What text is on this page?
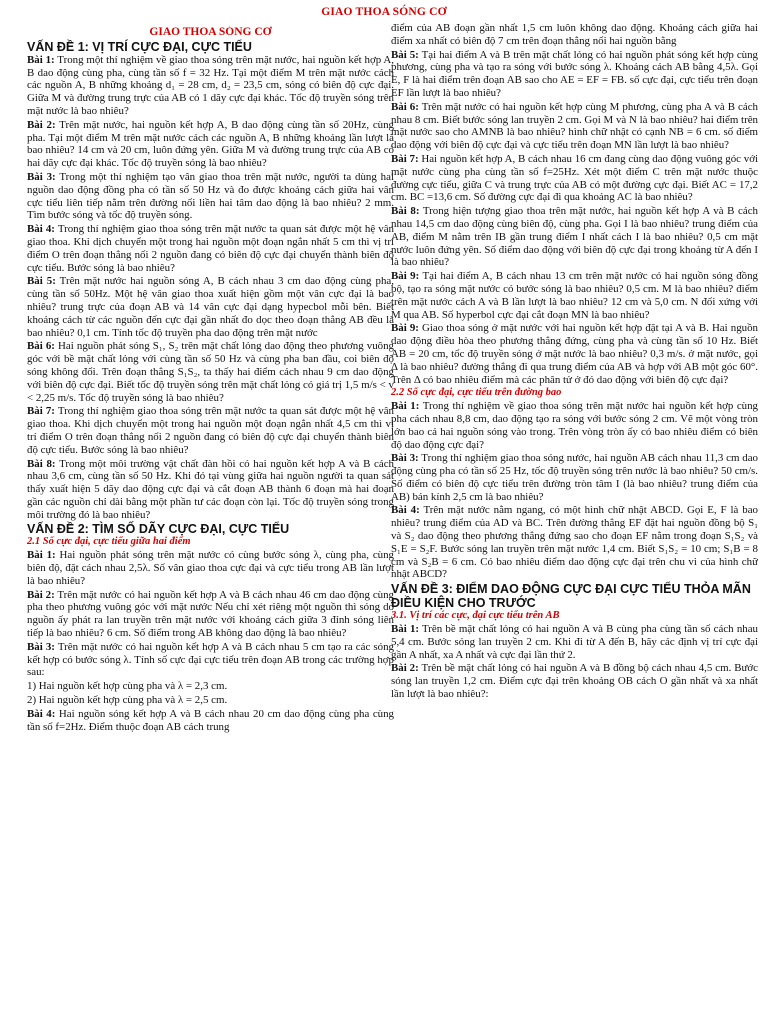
GIAO THOA SÓNG CƠ

GIAO THOA SÓNG CƠ

VẤN ĐỀ 1: VỊ TRÍ CỰC ĐẠI, CỰC TIỂU

Bài 1: Trong một thí nghiệm về giao thoa sóng trên mặt nước, hai nguồn kết hợp A, B dao động cùng pha, cùng tần số f = 32 Hz. Tại một điểm M trên mặt nước cách các nguồn A, B những khoảng d₁ = 28 cm, d₂ = 23,5 cm, sóng có biên độ cực đại. Giữa M và đường trung trực của AB có 1 dãy cực đại khác. Tốc độ truyền sóng trên mặt nước là bao nhiêu?

Bài 2: Trên mặt nước, hai nguồn kết hợp A, B dao động cùng tần số 20Hz, cùng pha. Tại một điểm M trên mặt nước cách các nguồn A, B những khoảng lần lượt là bao nhiêu? 14 cm và 20 cm, luôn đứng yên. Giữa M và đường trung trực của AB có hai dãy cực đại khác. Tốc độ truyền sóng là bao nhiêu?

Bài 3: Trong một thí nghiệm tạo vân giao thoa trên mặt nước, người ta dùng hai nguồn dao động đồng pha có tần số 50 Hz và đo được khoảng cách giữa hai vân cực tiểu liên tiếp nằm trên đường nối liền hai tâm dao động là bao nhiêu? 2 mm. Tìm bước sóng và tốc độ truyền sóng.

Bài 4: Trong thí nghiệm giao thoa sóng trên mặt nước ta quan sát được một hệ vân giao thoa. Khi dịch chuyển một trong hai nguồn một đoạn ngắn nhất 5 cm thì vị trí điểm O trên đoạn thẳng nối 2 nguồn đang có biên độ cực đại chuyển thành biên độ cực tiểu. Bước sóng là bao nhiêu?

Bài 5: Trên mặt nước hai nguồn sóng A, B cách nhau 3 cm dao động cùng pha, cùng tần số 50Hz. Một hệ vân giao thoa xuất hiện gồm một vân cực đại là bao nhiêu? trung trực của đoạn AB và 14 vân cực đại dạng hypecbol mỗi bên. Biết khoảng cách từ các nguồn đến cực đại gần nhất đo dọc theo đoạn thẳng AB đều là bao nhiêu? 0,1 cm. Tính tốc độ truyền pha dao động trên mặt nước

Bài 6: Hai nguồn phát sóng S₁, S₂ trên mặt chất lỏng dao động theo phương vuông góc với bề mặt chất lỏng với cùng tần số 50 Hz và cùng pha ban đầu, coi biên độ sóng không đổi. Trên đoạn thẳng S₁S₂, ta thấy hai điểm cách nhau 9 cm dao động với biên độ cực đại. Biết tốc độ truyền sóng trên mặt chất lỏng có giá trị 1,5 m/s < v < 2,25 m/s. Tốc độ truyền sóng là bao nhiêu?

Bài 7: Trong thí nghiệm giao thoa sóng trên mặt nước ta quan sát được một hệ vân giao thoa. Khi dịch chuyển một trong hai nguồn một đoạn ngắn nhất 4,5 cm thì vị trí điểm O trên đoạn thẳng nối 2 nguồn đang có biên độ cực đại chuyển thành biên độ cực tiểu. Bước sóng là bao nhiêu?

Bài 8: Trong một môi trường vật chất đàn hồi có hai nguồn kết hợp A và B cách nhau 3,6 cm, cùng tần số 50 Hz. Khi đó tại vùng giữa hai nguồn người ta quan sát thấy xuất hiện 5 dãy dao động cực đại và cắt đoạn AB thành 6 đoạn mà hai đoạn gần các nguồn chỉ dài bằng một phần tư các đoạn còn lại. Tốc độ truyền sóng trong môi trường đó là bao nhiêu?

VẤN ĐỀ 2: TÌM SỐ DÃY CỰC ĐẠI, CỰC TIỂU

2.1 Số cực đại, cực tiểu giữa hai điểm

Bài 1: Hai nguồn phát sóng trên mặt nước có cùng bước sóng λ, cùng pha, cùng biên độ, đặt cách nhau 2,5λ. Số vân giao thoa cực đại và cực tiểu trong AB lần lượt là bao nhiêu?

Bài 2: Trên mặt nước có hai nguồn kết hợp A và B cách nhau 46 cm dao động cùng pha theo phương vuông góc với mặt nước Nếu chỉ xét riêng một nguồn thì sóng do nguồn ấy phát ra lan truyền trên mặt nước với khoảng cách giữa 3 đỉnh sóng liên tiếp là bao nhiêu? 6 cm. Số điểm trong AB không dao động là bao nhiêu?

Bài 3: Trên mặt nước có hai nguồn kết hợp A và B cách nhau 5 cm tạo ra các sóng kết hợp có bước sóng λ. Tính số cực đại cực tiểu trên đoạn AB trong các trường hợp sau:

1) Hai nguồn kết hợp cùng pha và λ = 2,3 cm.

2) Hai nguồn kết hợp cùng pha và λ = 2,5 cm.

Bài 4: Hai nguồn sóng kết hợp A và B cách nhau 20 cm dao động cùng pha cùng tần số f=2Hz. Điểm thuộc đoạn AB cách trung

điểm của AB đoạn gần nhất 1,5 cm luôn không dao động. Khoảng cách giữa hai điểm xa nhất có biên độ 7 cm trên đoạn thẳng nối hai nguồn bằng

Bài 5: Tại hai điểm A và B trên mặt chất lỏng có hai nguồn phát sóng kết hợp cùng phương, cùng pha và tạo ra sóng với bước sóng λ. Khoảng cách AB bằng 4,5λ. Gọi E, F là hai điểm trên đoạn AB sao cho AE = EF = FB. số cực đại, cực tiểu trên đoạn EF lần lượt là bao nhiêu?

Bài 6: Trên mặt nước có hai nguồn kết hợp cùng M phương, cùng pha A và B cách nhau 8 cm. Biết bước sóng lan truyền 2 cm. Gọi M và N là bao nhiêu? hai điểm trên mặt nước sao cho AMNB là bao nhiêu? hình chữ nhật có cạnh NB = 6 cm. số điểm dao động với biên độ cực đại và cực tiểu trên đoạn MN lần lượt là bao nhiêu?

Bài 7: Hai nguồn kết hợp A, B cách nhau 16 cm đang cùng dao động vuông góc với mặt nước cùng pha cùng tần số f=25Hz. Xét một điểm C trên mặt nước thuộc đường cực tiểu, giữa C và trung trực của AB có một đường cực đại. Biết AC = 17,2 cm. BC =13,6 cm. Số đường cực đại đi qua khoảng AC là bao nhiêu?

Bài 8: Trong hiện tượng giao thoa trên mặt nước, hai nguồn kết hợp A và B cách nhau 14,5 cm dao động cùng biên độ, cùng pha. Gọi I là bao nhiêu? trung điểm của AB, điểm M nằm trên IB gần trung điểm I nhất cách I là bao nhiêu? 0,5 cm mặt nước luôn đứng yên. Số điểm dao động với biên độ cực đại trong khoảng từ A đến I là bao nhiêu?

Bài 9: Tại hai điểm A, B cách nhau 13 cm trên mặt nước có hai nguồn sóng đồng bộ, tạo ra sóng mặt nước có bước sóng là bao nhiêu? 0,5 cm. M là bao nhiêu? điểm trên mặt nước cách A và B lần lượt là bao nhiêu? 12 cm và 5,0 cm. N đối xứng với M qua AB. Số hyperbol cực đại cắt đoạn MN là bao nhiêu?

Bài 9: Giao thoa sóng ở mặt nước với hai nguồn kết hợp đặt tại A và B. Hai nguồn dao động điều hòa theo phương thẳng đứng, cùng pha và cùng tần số 10 Hz. Biết AB = 20 cm, tốc độ truyền sóng ở mặt nước là bao nhiêu? 0,3 m/s. ở mặt nước, gọi Δ là bao nhiêu? đường thẳng đi qua trung điểm của AB và hợp với AB một góc 60°. Trên Δ có bao nhiêu điểm mà các phân tử ở đó dao động với biên độ cực đại?

2.2 Số cực đại, cực tiểu trên đường bao

Bài 1: Trong thí nghiệm về giao thoa sóng trên mặt nước hai nguồn kết hợp cùng pha cách nhau 8,8 cm, dao động tạo ra sóng với bước sóng 2 cm. Vẽ một vòng tròn lớn bao cả hai nguồn sóng vào trong. Trên vòng tròn ấy có bao nhiêu điểm có biên độ dao động cực đại?

Bài 3: Trong thí nghiệm giao thoa sóng nước, hai nguồn AB cách nhau 11,3 cm dao động cùng pha có tần số 25 Hz, tốc độ truyền sóng trên nước là bao nhiêu? 50 cm/s. Số điểm có biên độ cực tiểu trên đường tròn tâm I (là bao nhiêu? trung điểm của AB) bán kính 2,5 cm là bao nhiêu?

Bài 4: Trên mặt nước nằm ngang, có một hình chữ nhật ABCD. Gọi E, F là bao nhiêu? trung điểm của AD và BC. Trên đường thẳng EF đặt hai nguồn đồng bộ S₁ và S₂ dao động theo phương thẳng đứng sao cho đoạn EF nằm trong đoạn S₁S₂ và S₁E = S₂F. Bước sóng lan truyền trên mặt nước 1,4 cm. Biết S₁S₂ = 10 cm; S₁B = 8 cm và S₂B = 6 cm. Có bao nhiêu điểm dao động cực đại trên chu vi của hình chữ nhật ABCD?

VẤN ĐỀ 3: ĐIỂM DAO ĐỘNG CỰC ĐẠI CỰC TIỂU THỎA MÃN ĐIỀU KIỆN CHO TRƯỚC

3.1. Vị trí các cực, đại cực tiểu trên AB

Bài 1: Trên bề mặt chất lỏng có hai nguồn A và B cùng pha cùng tần số cách nhau 5,4 cm. Bước sóng lan truyền 2 cm. Khi đi từ A đến B, hãy các định vị trí cực đại gần A nhất, xa A nhất và cực đại lần thứ 2.

Bài 2: Trên bề mặt chất lỏng có hai nguồn A và B đồng bộ cách nhau 4,5 cm. Bước sóng lan truyền 1,2 cm. Điểm cực đại trên khoảng OB cách O gần nhất và xa nhất lần lượt là bao nhiêu?:
